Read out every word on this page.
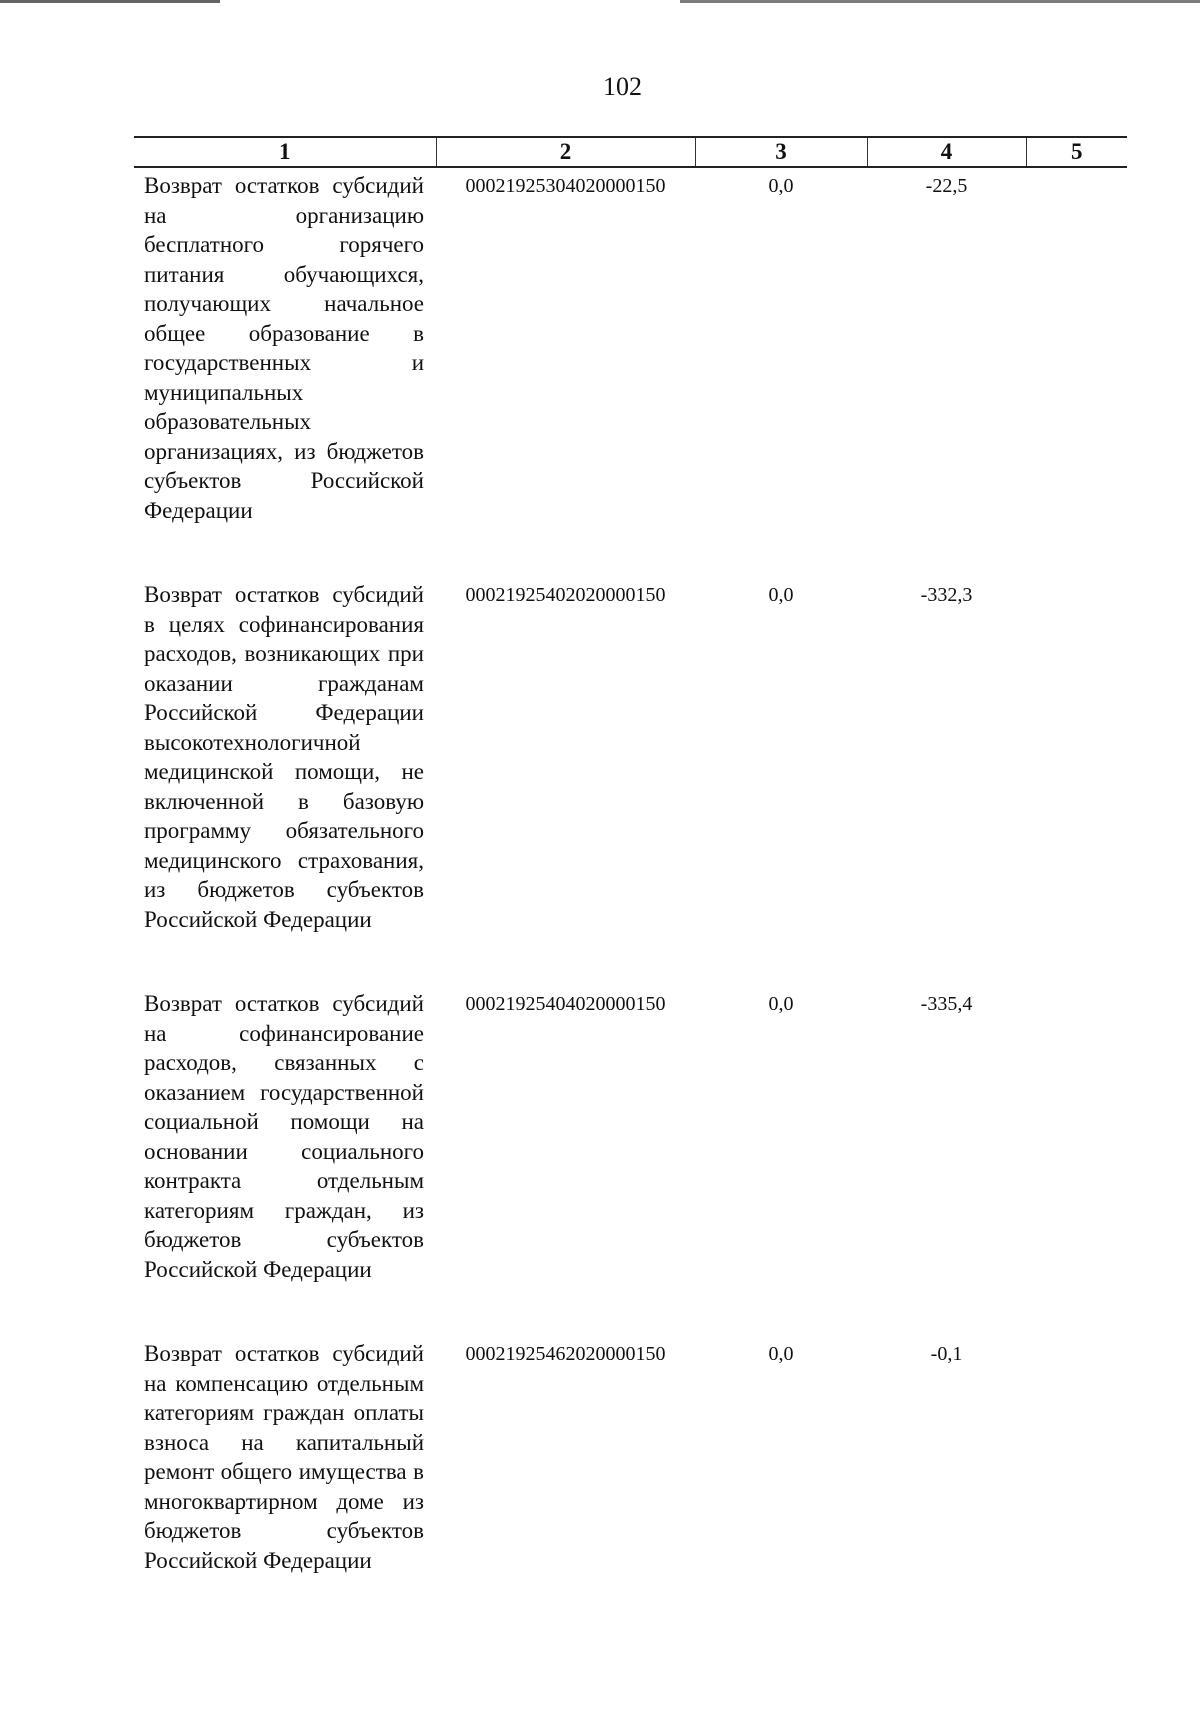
102
1	2	3	4	5

Возврат остатков субсидий на организацию бесплатного горячего питания обучающихся, получающих начальное общее образование в государственных и муниципальных образовательных организациях, из бюджетов субъектов Российской Федерации	00021925304020000150	0,0	-22,5	

Возврат остатков субсидий в целях софинансирования расходов, возникающих при оказании гражданам Российской Федерации высокотехнологичной медицинской помощи, не включенной в базовую программу обязательного медицинского страхования, из бюджетов субъектов Российской Федерации	00021925402020000150	0,0	-332,3	

Возврат остатков субсидий на софинансирование расходов, связанных с оказанием государственной социальной помощи на основании социального контракта отдельным категориям граждан, из бюджетов субъектов Российской Федерации	00021925404020000150	0,0	-335,4	

Возврат остатков субсидий на компенсацию отдельным категориям граждан оплаты взноса на капитальный ремонт общего имущества в многоквартирном доме из бюджетов субъектов Российской Федерации	00021925462020000150	0,0	-0,1	
